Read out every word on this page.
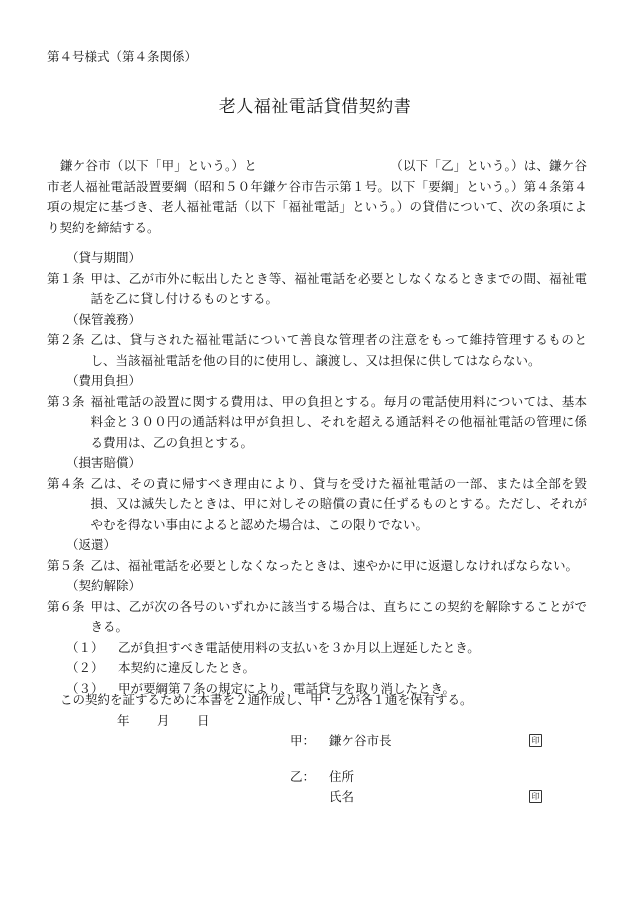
第４号様式（第４条関係）
老人福祉電話貸借契約書
鎌ケ谷市（以下「甲」という。）と　　　　　　　　　　　（以下「乙」という。）は、鎌ケ谷市老人福祉電話設置要綱（昭和５０年鎌ケ谷市告示第１号。以下「要綱」という。）第４条第４項の規定に基づき、老人福祉電話（以下「福祉電話」という。）の貸借について、次の条項により契約を締結する。
（貸与期間）
第１条 甲は、乙が市外に転出したとき等、福祉電話を必要としなくなるときまでの間、福祉電話を乙に貸し付けるものとする。
（保管義務）
第２条 乙は、貸与された福祉電話について善良な管理者の注意をもって維持管理するものとし、当該福祉電話を他の目的に使用し、譲渡し、又は担保に供してはならない。
（費用負担）
第３条 福祉電話の設置に関する費用は、甲の負担とする。毎月の電話使用料については、基本料金と３００円の通話料は甲が負担し、それを超える通話料その他福祉電話の管理に係る費用は、乙の負担とする。
（損害賠償）
第４条 乙は、その責に帰すべき理由により、貸与を受けた福祉電話の一部、または全部を毀損、又は滅失したときは、甲に対しその賠償の責に任ずるものとする。ただし、それがやむを得ない事由によると認めた場合は、この限りでない。
（返還）
第５条 乙は、福祉電話を必要としなくなったときは、速やかに甲に返還しなければならない。
（契約解除）
第６条 甲は、乙が次の各号のいずれかに該当する場合は、直ちにこの契約を解除することができる。
（１）	乙が負担すべき電話使用料の支払いを３か月以上遅延したとき。
（２）	本契約に違反したとき。
（３）	甲が要綱第７条の規定により、電話貸与を取り消したとき。
この契約を証するために本書を２通作成し、甲・乙が各１通を保有する。
年 月 日
甲： 鎌ケ谷市長	印
乙： 住所
氏名	印
